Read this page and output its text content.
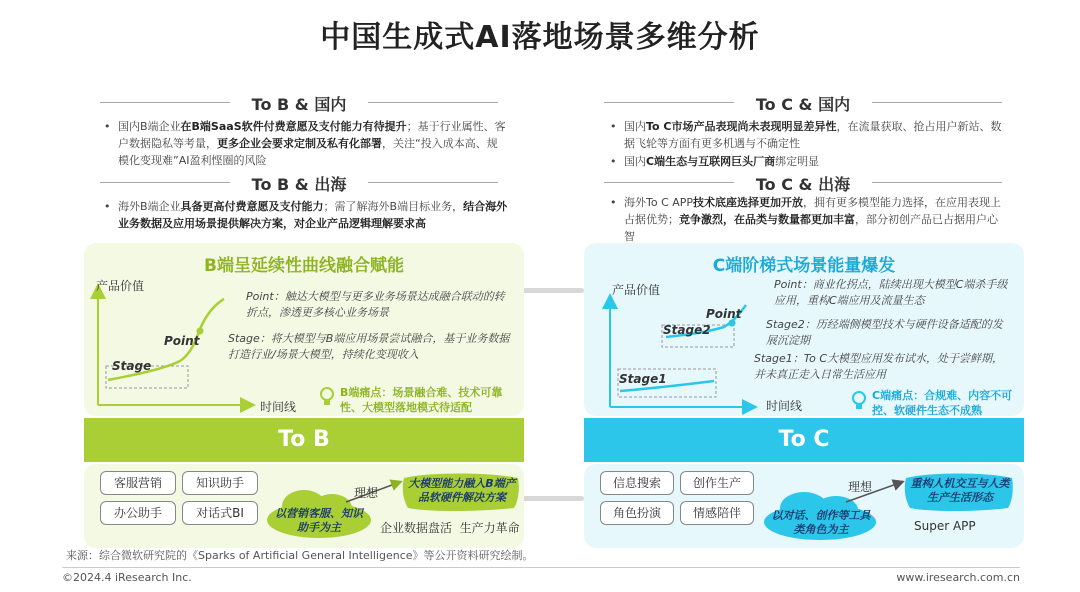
中国生成式AI落地场景多维分析
To B & 国内
• 国内B端企业在B端SaaS软件付费意愿及支付能力有待提升；基于行业属性、客户数据隐私等考量，更多企业会要求定制及私有化部署，关注“投入成本高、规模化变现难”AI盈利悭圈的风险
To B & 出海
• 海外B端企业具备更高付费意愿及支付能力；需了解海外B端目标业务，结合海外业务数据及应用场景提供解决方案，对企业产品逻辑理解要求高
To C & 国内
• 国内To C市场产品表现尚未表现明显差异性，在流量获取、抢占用户新站、数据飞轮等方面有更多机遇与不确定性
• 国内C端生态与互联网巨头厂商绑定明显
To C & 出海
• 海外To C APP技术底座选择更加开放，拥有更多模型能力选择，在应用表现上占据优势；竞争激烈，在品类与数量都更加丰富，部分初创产品已占据用户心智
B端呈延续性曲线融合赋能
产品价值
时间线
Stage
Point
Point：触达大模型与更多业务场景达成融合联动的转折点，渗透更多核心业务场景
Stage：将大模型与B端应用场景尝试融合，基于业务数据打造行业/场景大模型，持续化变现收入
B端痛点：场景融合难、技术可靠性、大模型落地模式待适配
To B
客服营销	知识助手
办公助手	对话式BI	以营销客服、知识助手为主
理想
大模型能力融入B端产品软硬件解决方案
企业数据盘活  生产力革命
C端阶梯式场景能量爆发
产品价值
时间线
Stage1
Stage2
Point
Point：商业化拐点，陆续出现大模型C端杀手级应用，重构C端应用及流量生态
Stage2：历经端侧模型技术与硬件设备适配的发展沉淀期
Stage1：To C大模型应用发布试水，处于尝鲜期，并未真正走入日常生活应用
C端痛点：合规难、内容不可控、软硬件生态不成熟
To C
信息搜索	创作生产
角色扮演	情感陪伴	以对话、创作等工具类角色为主
理想	重构人机交互与人类生产生活形态
Super APP
来源：综合微软研究院的《Sparks of Artificial General Intelligence》等公开资料研究绘制。
©2024.4 iResearch Inc.	www.iresearch.com.cn
